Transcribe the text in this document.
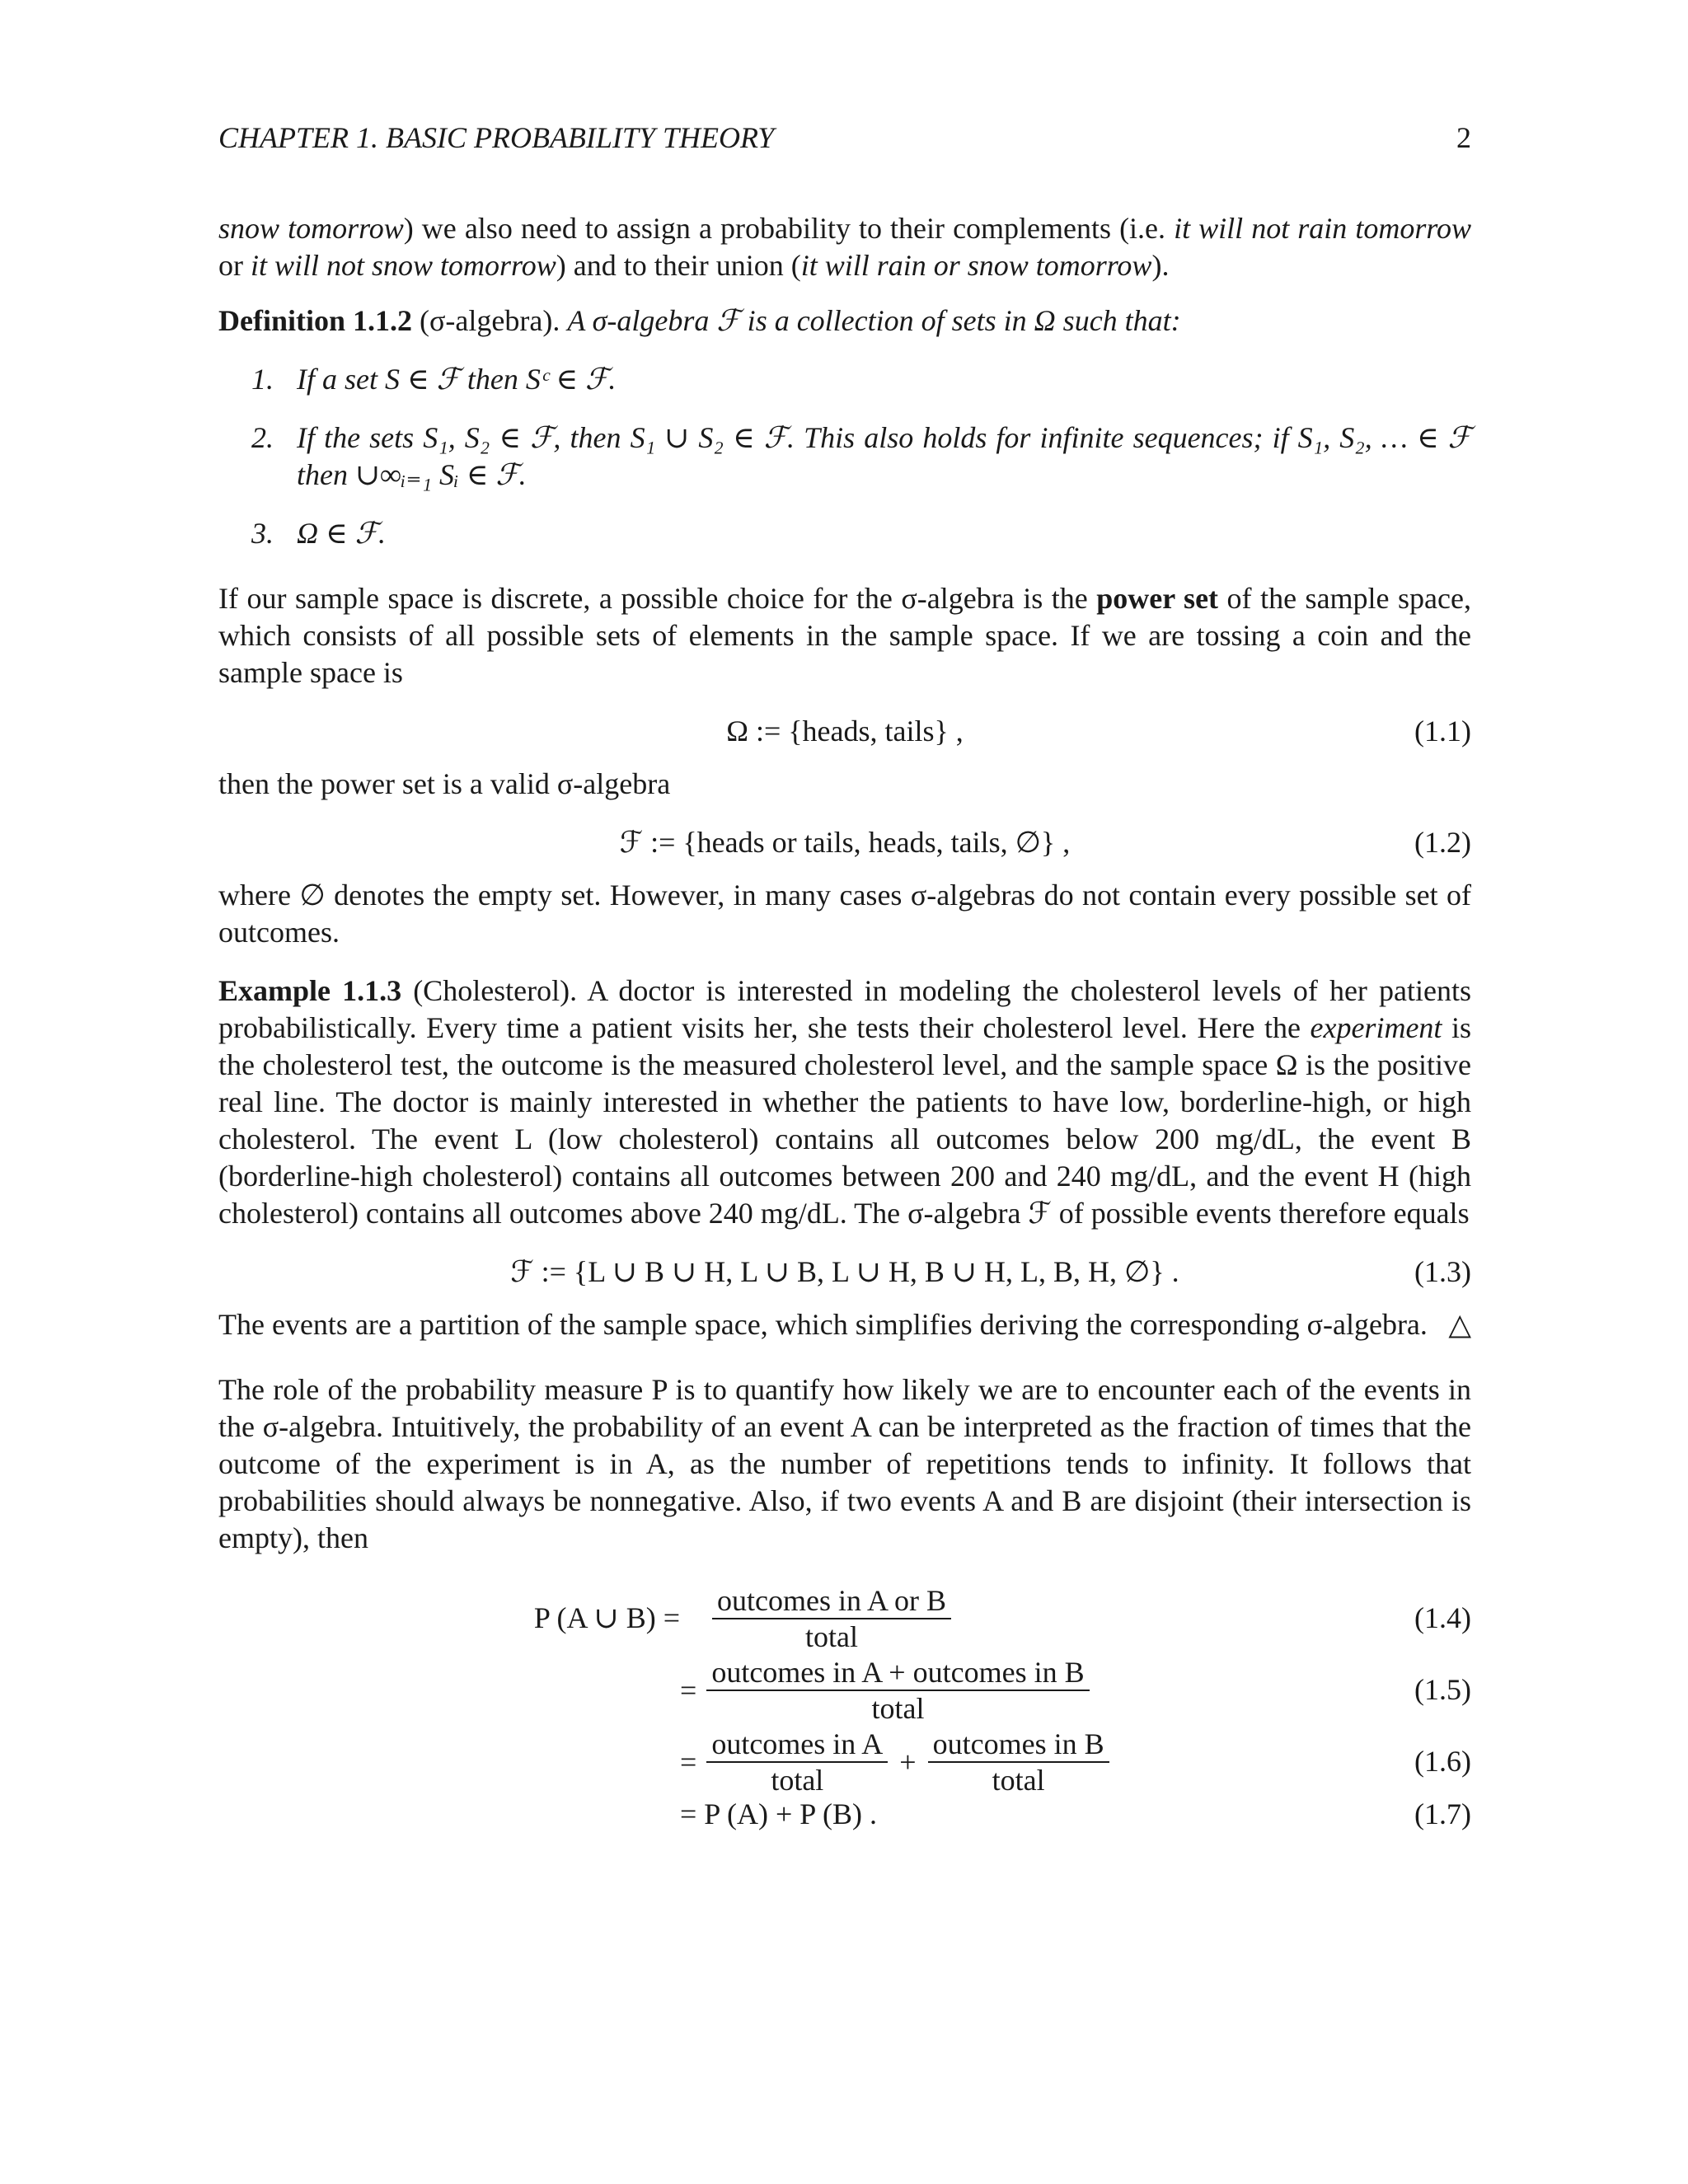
CHAPTER 1. BASIC PROBABILITY THEORY	2

snow tomorrow) we also need to assign a probability to their complements (i.e. it will not rain tomorrow or it will not snow tomorrow) and to their union (it will rain or snow tomorrow).

Definition 1.1.2 (σ-algebra). A σ-algebra ℱ is a collection of sets in Ω such that:
1. If a set S ∈ ℱ then Sᶜ ∈ ℱ.
2. If the sets S₁, S₂ ∈ ℱ, then S₁ ∪ S₂ ∈ ℱ. This also holds for infinite sequences; if S₁, S₂, … ∈ ℱ then ∪∞ᵢ₌₁ Sᵢ ∈ ℱ.
3. Ω ∈ ℱ.

If our sample space is discrete, a possible choice for the σ-algebra is the power set of the sample space, which consists of all possible sets of elements in the sample space. If we are tossing a coin and the sample space is

Ω := {heads, tails} ,	(1.1)

then the power set is a valid σ-algebra

ℱ := {heads or tails, heads, tails, ∅} ,	(1.2)

where ∅ denotes the empty set. However, in many cases σ-algebras do not contain every possible set of outcomes.

Example 1.1.3 (Cholesterol). A doctor is interested in modeling the cholesterol levels of her patients probabilistically. Every time a patient visits her, she tests their cholesterol level. Here the experiment is the cholesterol test, the outcome is the measured cholesterol level, and the sample space Ω is the positive real line. The doctor is mainly interested in whether the patients to have low, borderline-high, or high cholesterol. The event L (low cholesterol) contains all outcomes below 200 mg/dL, the event B (borderline-high cholesterol) contains all outcomes between 200 and 240 mg/dL, and the event H (high cholesterol) contains all outcomes above 240 mg/dL. The σ-algebra ℱ of possible events therefore equals

ℱ := {L ∪ B ∪ H, L ∪ B, L ∪ H, B ∪ H, L, B, H, ∅} .	(1.3)

The events are a partition of the sample space, which simplifies deriving the corresponding σ-algebra. △

The role of the probability measure P is to quantify how likely we are to encounter each of the events in the σ-algebra. Intuitively, the probability of an event A can be interpreted as the fraction of times that the outcome of the experiment is in A, as the number of repetitions tends to infinity. It follows that probabilities should always be nonnegative. Also, if two events A and B are disjoint (their intersection is empty), then

P (A ∪ $B) = \frac{\text{outcomes in A or B}}{\text{total}}$	(1.4)
= $\frac{\text{outcomes in A + outcomes in B}}{\text{total}}$	(1.5)
= $\frac{\text{outcomes in A}}{\text{total}} + \frac{\text{outcomes in B}}{\text{total}}$	(1.6)
= P (A) + P (B) .	(1.7)
